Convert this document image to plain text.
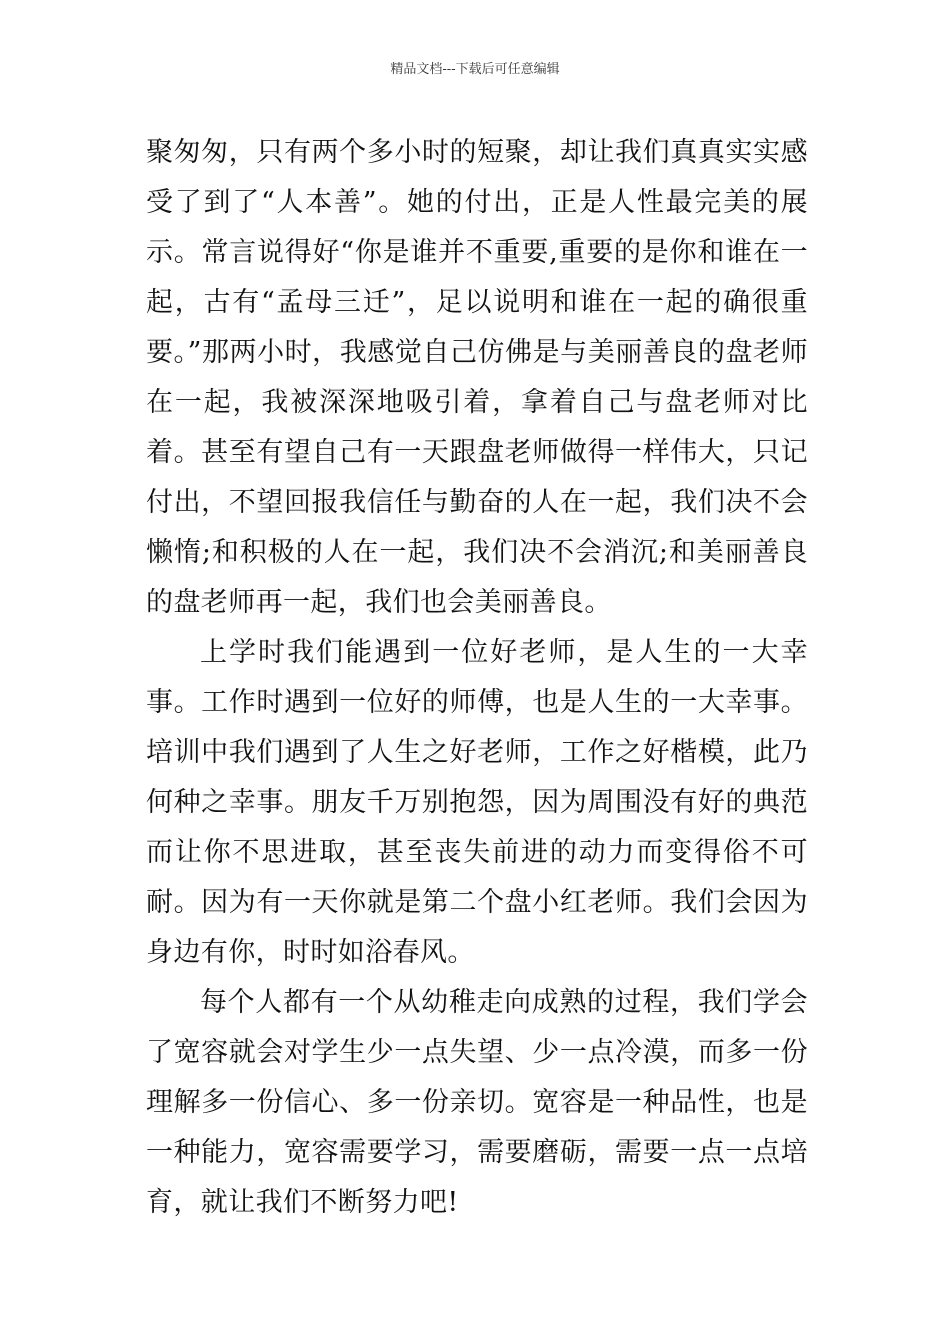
精品文档---下载后可任意编辑

聚匆匆，只有两个多小时的短聚，却让我们真真实实感受了到了“人本善”。她的付出，正是人性最完美的展示。常言说得好“你是谁并不重要,重要的是你和谁在一起，古有“孟母三迁”，足以说明和谁在一起的确很重要。”那两小时，我感觉自己仿佛是与美丽善良的盘老师在一起，我被深深地吸引着，拿着自己与盘老师对比着。甚至有望自己有一天跟盘老师做得一样伟大，只记付出，不望回报我信任与勤奋的人在一起，我们决不会懒惰;和积极的人在一起，我们决不会消沉;和美丽善良的盘老师再一起，我们也会美丽善良。

上学时我们能遇到一位好老师，是人生的一大幸事。工作时遇到一位好的师傅，也是人生的一大幸事。培训中我们遇到了人生之好老师，工作之好楷模，此乃何种之幸事。朋友千万别抱怨，因为周围没有好的典范而让你不思进取，甚至丧失前进的动力而变得俗不可耐。因为有一天你就是第二个盘小红老师。我们会因为身边有你，时时如浴春风。

每个人都有一个从幼稚走向成熟的过程，我们学会了宽容就会对学生少一点失望、少一点冷漠，而多一份理解多一份信心、多一份亲切。宽容是一种品性，也是一种能力，宽容需要学习，需要磨砺，需要一点一点培育，就让我们不断努力吧!
